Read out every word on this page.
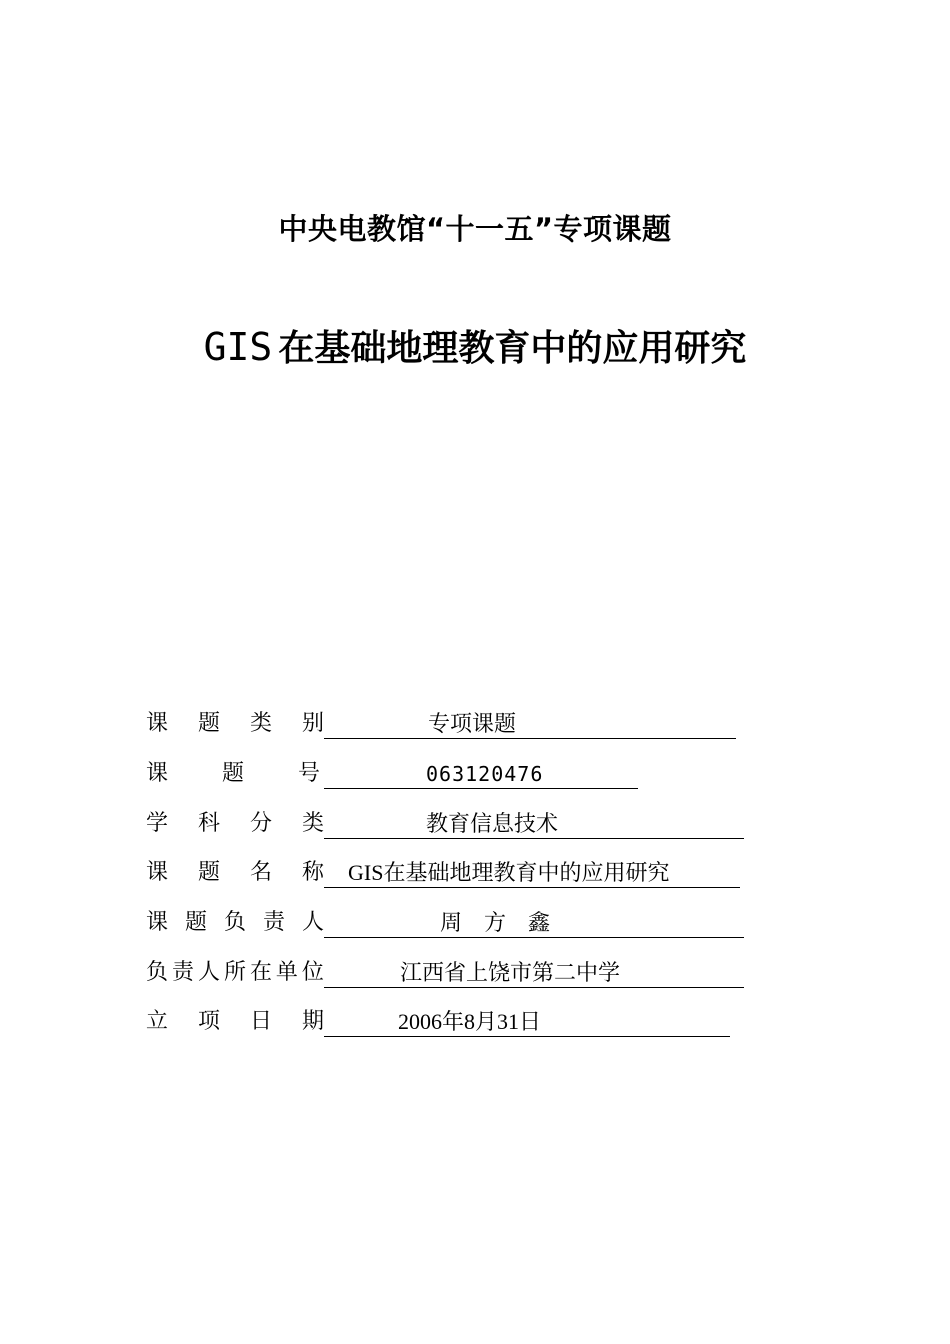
中央电教馆“十一五”专项课题
GIS 在基础地理教育中的应用研究
课 题 类 别	专项课题
课 题 号	063120476
学 科 分 类	教育信息技术
课 题 名 称 GIS在基础地理教育中的应用研究
课 题 负 责 人	周　方　鑫
负 责 人 所 在 单 位	江西省上饶市第二中学
立 项 日 期	2006年8月31日
